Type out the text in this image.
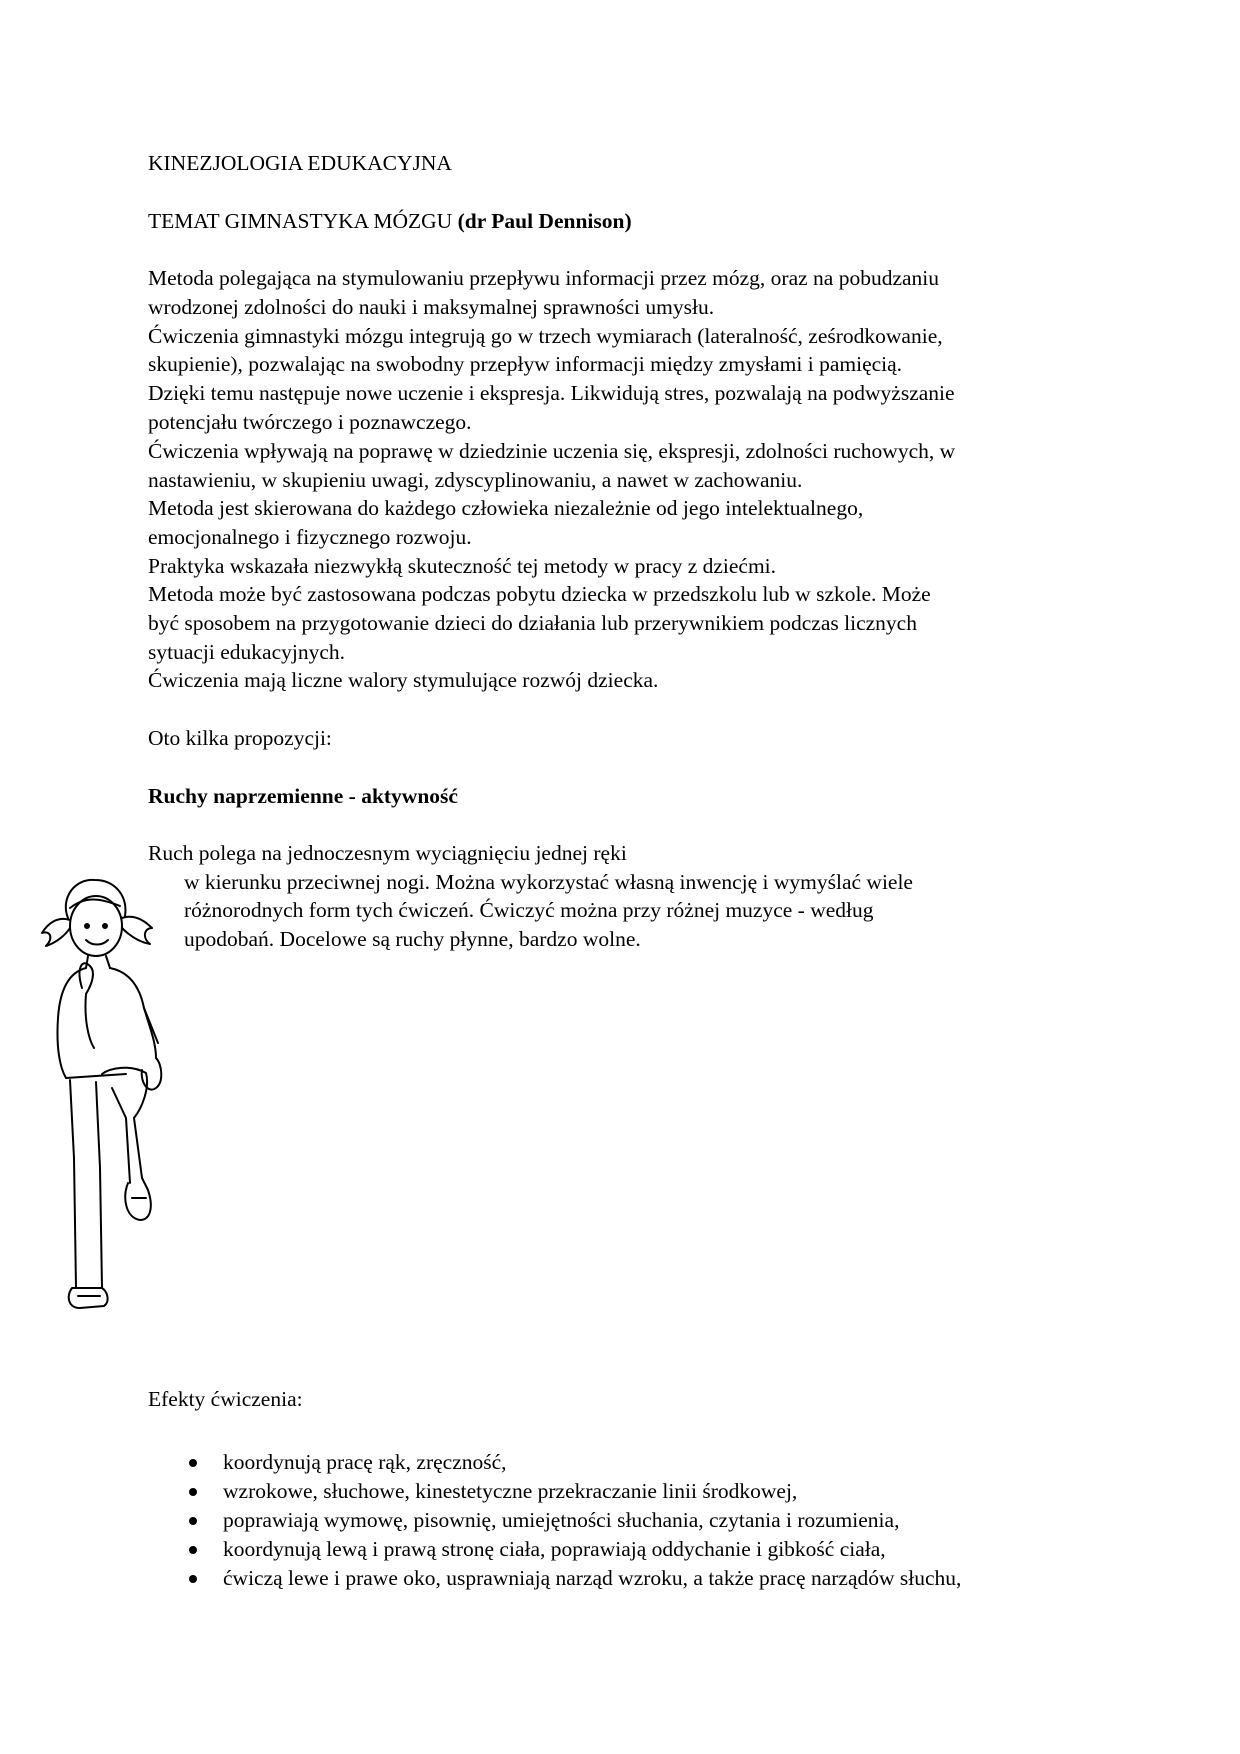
KINEZJOLOGIA EDUKACYJNA
TEMAT GIMNASTYKA MÓZGU (dr Paul Dennison)
Metoda polegająca na stymulowaniu przepływu informacji przez mózg, oraz na pobudzaniu
wrodzonej zdolności do nauki i maksymalnej sprawności umysłu.
Ćwiczenia gimnastyki mózgu integrują go w trzech wymiarach (lateralność, ześrodkowanie,
skupienie), pozwalając na swobodny przepływ informacji między zmysłami i pamięcią.
Dzięki temu następuje nowe uczenie i ekspresja. Likwidują stres, pozwalają na podwyższanie
potencjału twórczego i poznawczego.
Ćwiczenia wpływają na poprawę w dziedzinie uczenia się, ekspresji, zdolności ruchowych, w
nastawieniu, w skupieniu uwagi, zdyscyplinowaniu, a nawet w zachowaniu.
Metoda jest skierowana do każdego człowieka niezależnie od jego intelektualnego,
emocjonalnego i fizycznego rozwoju.
Praktyka wskazała niezwykłą skuteczność tej metody w pracy z dziećmi.
Metoda może być zastosowana podczas pobytu dziecka w przedszkolu lub w szkole. Może
być sposobem na przygotowanie dzieci do działania lub przerywnikiem podczas licznych
sytuacji edukacyjnych.
Ćwiczenia mają liczne walory stymulujące rozwój dziecka.
Oto kilka propozycji:
Ruchy naprzemienne - aktywność
Ruch polega na jednoczesnym wyciągnięciu jednej ręki
w kierunku przeciwnej nogi. Można wykorzystać własną inwencję i wymyślać wiele
różnorodnych form tych ćwiczeń. Ćwiczyć można przy różnej muzyce - według
upodobań. Docelowe są ruchy płynne, bardzo wolne.
Efekty ćwiczenia:
koordynują pracę rąk, zręczność,
wzrokowe, słuchowe, kinestetyczne przekraczanie linii środkowej,
poprawiają wymowę, pisownię, umiejętności słuchania, czytania i rozumienia,
koordynują lewą i prawą stronę ciała, poprawiają oddychanie i gibkość ciała,
ćwiczą lewe i prawe oko, usprawniają narząd wzroku, a także pracę narządów słuchu,
